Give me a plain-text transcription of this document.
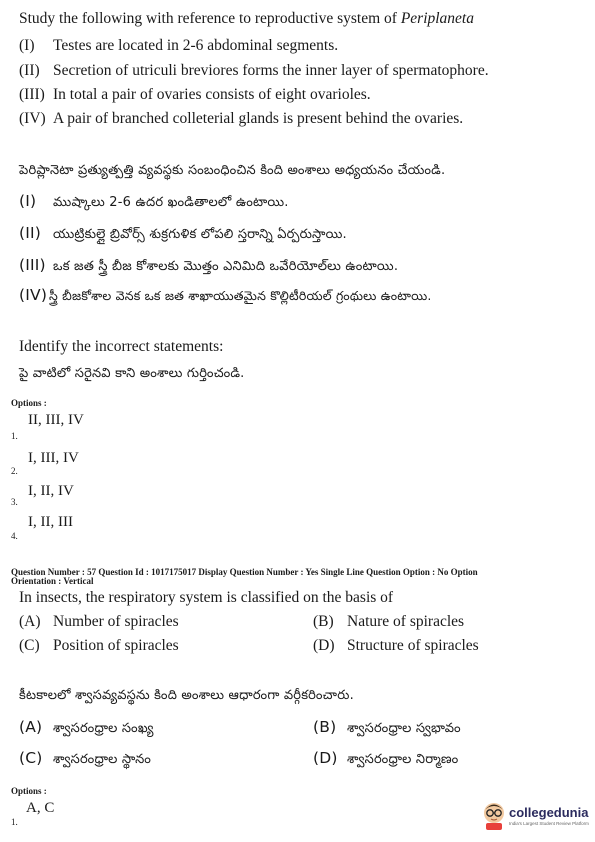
Study the following with reference to reproductive system of Periplaneta
(I) Testes are located in 2-6 abdominal segments.
(II) Secretion of utriculi breviores forms the inner layer of spermatophore.
(III) In total a pair of ovaries consists of eight ovarioles.
(IV) A pair of branched colleterial glands is present behind the ovaries.
పెరిప్లానెటా ప్రత్యుత్పత్తి వ్యవస్థకు సంబంధించిన కింది అంశాలు అధ్యయనం చేయండి.
(I) ముష్కాలు 2-6 ఉదర ఖండితాలలో ఉంటాయి.
(II) యుట్రికుల్లై బ్రివోర్స్ శుక్రగుళిక లోపలి స్తరాన్ని ఏర్పరుస్తాయి.
(III) ఒక జత స్త్రీ బీజ కోశాలకు మొత్తం ఎనిమిది ఒవేరియోల్‌లు ఉంటాయి.
(IV) స్త్రీ బీజకోశాల వెనక ఒక జత శాఖాయుతమైన కొల్లిటీరియల్ గ్రంథులు ఉంటాయి.
Identify the incorrect statements:
పై వాటిలో సరైనవి కాని అంశాలు గుర్తించండి.
Options :
II, III, IV
1.
I, III, IV
2.
I, II, IV
3.
I, II, III
4.
Question Number : 57 Question Id : 1017175017 Display Question Number : Yes Single Line Question Option : No Option
Orientation : Vertical
In insects, the respiratory system is classified on the basis of
(A) Number of spiracles	(B) Nature of spiracles
(C) Position of spiracles	(D) Structure of spiracles
కీటకాలలో శ్వాసవ్యవస్థను కింది అంశాలు ఆధారంగా వర్గీకరించారు.
(A) శ్వాసరంధ్రాల సంఖ్య	(B) శ్వాసరంధ్రాల స్వభావం
(C) శ్వాసరంధ్రాల స్థానం	(D) శ్వాసరంధ్రాల నిర్మాణం
Options :
A, C
1.
collegedunia
India's Largest Student Review Platform
